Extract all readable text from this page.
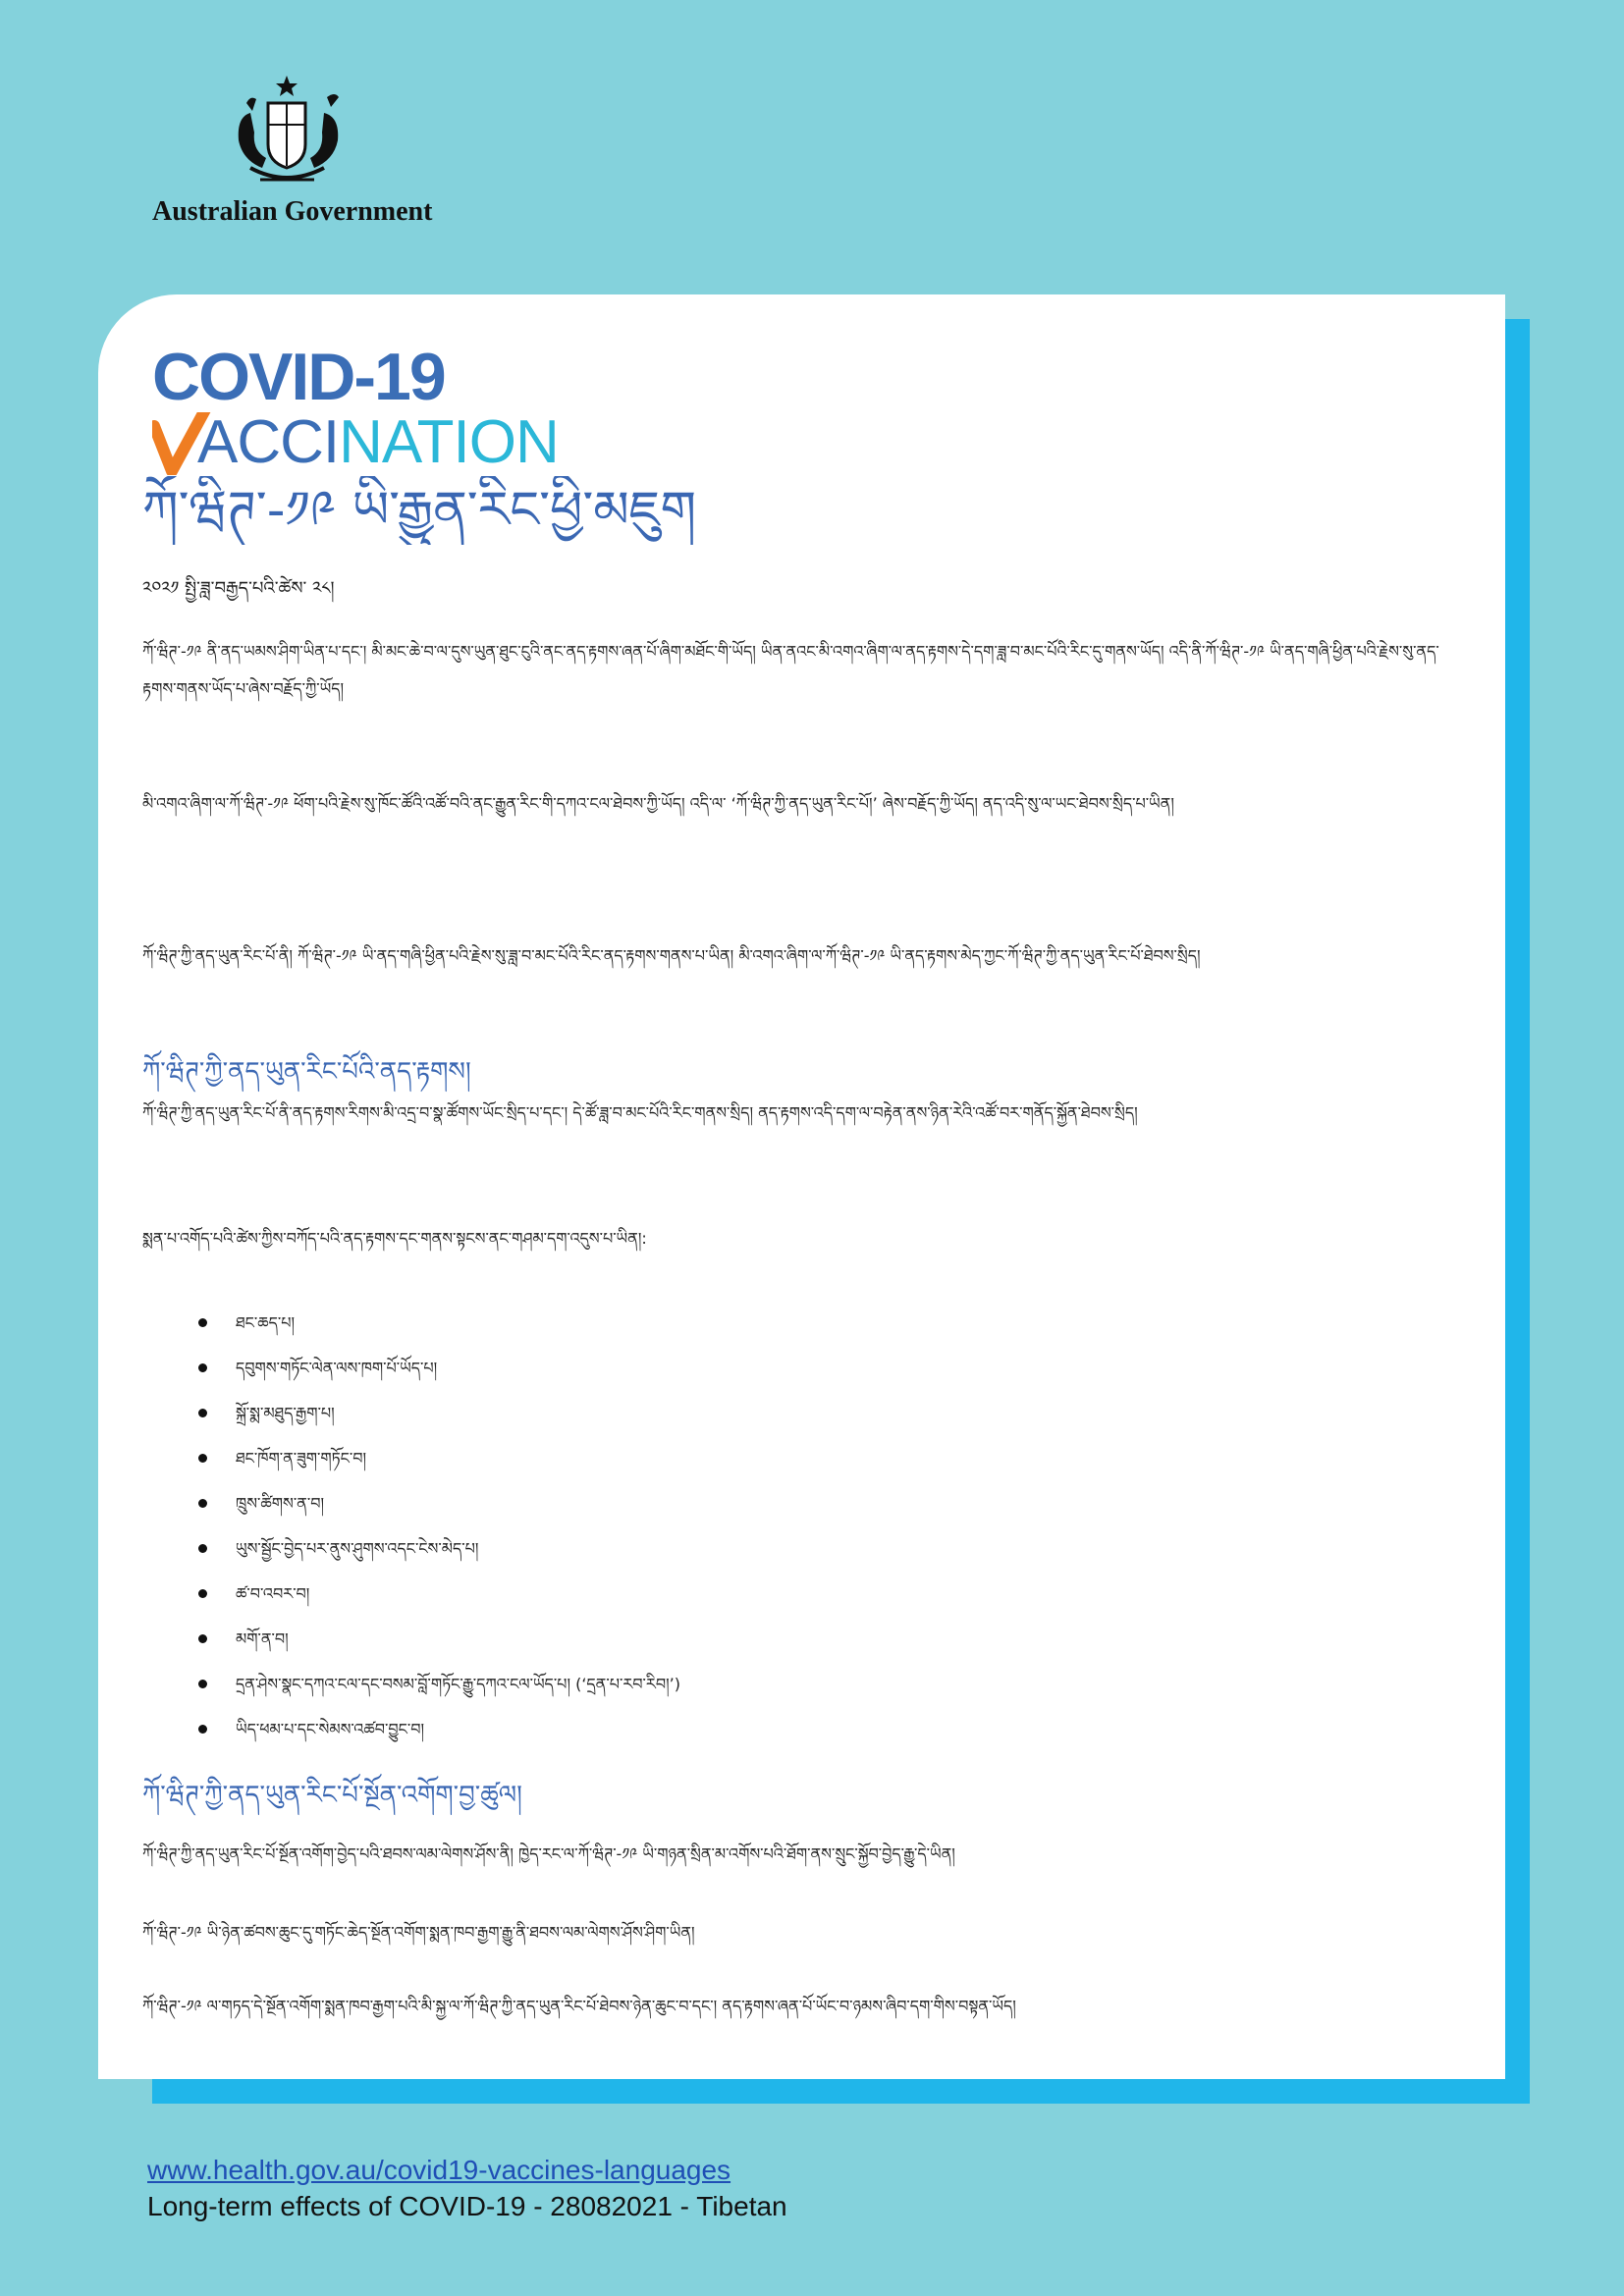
Australian Government
COVID-19
ACCINATION
ཀོ་ཝིཊ་-༡༩ ཡི་རྒྱུན་རིང་ཕྱི་མཇུག
༢༠༢༡ སྤྱི་ཟླ་བརྒྱད་པའི་ཚེས་ ༢༨།
ཀོ་ཝིཊ་-༡༩ ནི་ནད་ཡམས་ཤིག་ཡིན་པ་དང་། མི་མང་ཆེ་བ་ལ་དུས་ཡུན་ཐུང་ངུའི་ནང་ནད་རྟགས་ཞན་པོ་ཞིག་མཐོང་གི་ཡོད། ཡིན་ནའང་མི་འགའ་ཞིག་ལ་ནད་རྟགས་དེ་དག་ཟླ་བ་མང་པོའི་རིང་དུ་གནས་ཡོད། འདི་ནི་ཀོ་ཝིཊ་-༡༩ ཡི་ནད་གཞི་ཕྱིན་པའི་རྗེས་སུ་ནད་རྟགས་གནས་ཡོད་པ་ཞེས་བརྗོད་ཀྱི་ཡོད།
མི་འགའ་ཞིག་ལ་ཀོ་ཝིཊ་-༡༩ ཕོག་པའི་རྗེས་སུ་ཁོང་ཚོའི་འཚོ་བའི་ནང་རྒྱུན་རིང་གི་དཀའ་ངལ་ཐེབས་ཀྱི་ཡོད། འདི་ལ་ ‘ཀོ་ཝིཊ་ཀྱི་ནད་ཡུན་རིང་པོ།’ ཞེས་བརྗོད་ཀྱི་ཡོད། ནད་འདི་སུ་ལ་ཡང་ཐེབས་སྲིད་པ་ཡིན།
ཀོ་ཝིཊ་ཀྱི་ནད་ཡུན་རིང་པོ་ནི། ཀོ་ཝིཊ་-༡༩ ཡི་ནད་གཞི་ཕྱིན་པའི་རྗེས་སུ་ཟླ་བ་མང་པོའི་རིང་ནད་རྟགས་གནས་པ་ཡིན། མི་འགའ་ཞིག་ལ་ཀོ་ཝིཊ་-༡༩ ཡི་ནད་རྟགས་མེད་ཀྱང་ཀོ་ཝིཊ་ཀྱི་ནད་ཡུན་རིང་པོ་ཐེབས་སྲིད།
ཀོ་ཝིཊ་ཀྱི་ནད་ཡུན་རིང་པོའི་ནད་རྟགས།
ཀོ་ཝིཊ་ཀྱི་ནད་ཡུན་རིང་པོ་ནི་ནད་རྟགས་རིགས་མི་འདྲ་བ་སྣ་ཚོགས་ཡོང་སྲིད་པ་དང་། དེ་ཚོ་ཟླ་བ་མང་པོའི་རིང་གནས་སྲིད། ནད་རྟགས་འདི་དག་ལ་བརྟེན་ནས་ཉིན་རེའི་འཚོ་བར་གནོད་སྐྱོན་ཐེབས་སྲིད།
སྨན་པ་འགོད་པའི་ཚེས་ཀྱིས་བཀོད་པའི་ནད་རྟགས་དང་གནས་སྟངས་ནང་གཤམ་དག་འདུས་པ་ཡིན།:
ཐང་ཆད་པ།
དབུགས་གཏོང་ལེན་ལས་ཁག་པོ་ཡོད་པ།
སྐྲོ་སྨ་མཐུད་རྒྱག་པ།
ཐང་ཁོག་ན་ཟུག་གཏོང་བ།
ཁྲུས་ཚིགས་ན་བ།
ཡུས་སྦྱོང་བྱེད་པར་ནུས་ཤུགས་འདང་ངེས་མེད་པ།
ཚ་བ་འབར་བ།
མགོ་ན་བ།
དྲན་ཤེས་སྣང་དཀའ་ངལ་དང་བསམ་བློ་གཏོང་རྒྱུ་དཀའ་ངལ་ཡོད་པ། (‘དྲན་པ་རབ་རིབ།’)
ཡིད་ཕམ་པ་དང་སེམས་འཚབ་བྱུང་བ།
ཀོ་ཝིཊ་ཀྱི་ནད་ཡུན་རིང་པོ་སྔོན་འགོག་བྱ་ཚུལ།
ཀོ་ཝིཊ་ཀྱི་ནད་ཡུན་རིང་པོ་སྔོན་འགོག་བྱེད་པའི་ཐབས་ལམ་ལེགས་ཤོས་ནི། ཁྱེད་རང་ལ་ཀོ་ཝིཊ་-༡༩ ཡི་གཉན་སྲིན་མ་འགོས་པའི་ཐོག་ནས་སྲུང་སྐྱོབ་བྱེད་རྒྱུ་དེ་ཡིན།
ཀོ་ཝིཊ་-༡༩ ཡི་ཉེན་ཚབས་ཆུང་དུ་གཏོང་ཆེད་སྔོན་འགོག་སྨན་ཁབ་རྒྱག་རྒྱུ་ནི་ཐབས་ལམ་ལེགས་ཤོས་ཤིག་ཡིན།
ཀོ་ཝིཊ་-༡༩ ལ་གཏད་དེ་སྔོན་འགོག་སྨན་ཁབ་རྒྱག་པའི་མི་སྐྱ་ལ་ཀོ་ཝིཊ་ཀྱི་ནད་ཡུན་རིང་པོ་ཐེབས་ཉེན་ཆུང་བ་དང་། ནད་རྟགས་ཞན་པོ་ཡོང་བ་ཉམས་ཞིབ་དག་གིས་བསྟན་ཡོད།
www.health.gov.au/covid19-vaccines-languages
Long-term effects of COVID-19 - 28082021 - Tibetan
